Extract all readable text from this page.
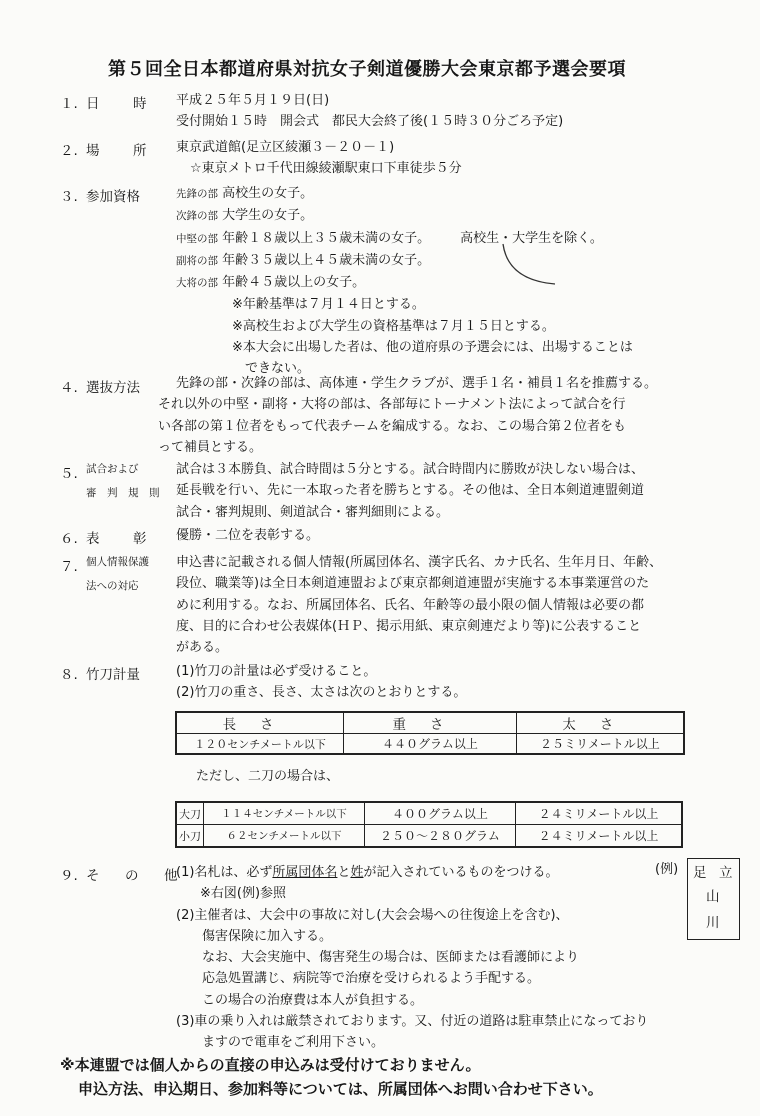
第５回全日本都道府県対抗女子剣道優勝大会東京都予選会要項
１. 日　時 平成２５年５月１９日(日)
受付開始１５時　開会式　都民大会終了後(１５時３０分ごろ予定)
２. 場　所 東京武道館(足立区綾瀬３－２０－１)
☆東京メトロ千代田線綾瀬駅東口下車徒歩５分
３. 参加資格	先鋒の部 高校生の女子。
次鋒の部 大学生の女子。
中堅の部 年齢１８歳以上３５歳未満の女子。 高校生・大学生を除く。
副将の部 年齢３５歳以上４５歳未満の女子。
大将の部 年齢４５歳以上の女子。
※年齢基準は７月１４日とする。
※高校生および大学生の資格基準は７月１５日とする。
※本大会に出場した者は、他の道府県の予選会には、出場することは
　できない。
４. 選抜方法	先鋒の部・次鋒の部は、高体連・学生クラブが、選手１名・補員１名を推薦する。
それ以外の中堅・副将・大将の部は、各部毎にトーナメント法によって試合を行
い各部の第１位者をもって代表チームを編成する。なお、この場合第２位者をも
って補員とする。
５. 試合および
審　判　規　則
試合は３本勝負、試合時間は５分とする。試合時間内に勝敗が決しない場合は、
延長戦を行い、先に一本取った者を勝ちとする。その他は、全日本剣道連盟剣道
試合・審判規則、剣道試合・審判細則による。
６. 表　彰 優勝・二位を表彰する。
７. 個人情報保護
法への対応
申込書に記載される個人情報(所属団体名、漢字氏名、カナ氏名、生年月日、年齢、
段位、職業等)は全日本剣道連盟および東京都剣道連盟が実施する本事業運営のた
めに利用する。なお、所属団体名、氏名、年齢等の最小限の個人情報は必要の都
度、目的に合わせ公表媒体(ＨＰ、掲示用紙、東京剣連だより等)に公表すること
がある。
８. 竹刀計量	(1)竹刀の計量は必ず受けること。
(2)竹刀の重さ、長さ、太さは次のとおりとする。
長さ	重さ	太さ
１２０センチメートル以下	４４０グラム以上	２５ミリメートル以上
ただし、二刀の場合は、
大刀	１１４センチメートル以下	４００グラム以上	２４ミリメートル以上
小刀	６２センチメートル以下	２５０～２８０グラム	２４ミリメートル以上
９. そ　の　他
(1)名札は、必ず所属団体名と姓が記入されているものをつける。
※右図(例)参照
(2)主催者は、大会中の事故に対し(大会会場への往復途上を含む)、
　　傷害保険に加入する。
　　なお、大会実施中、傷害発生の場合は、医師または看護師により
　　応急処置講じ、病院等で治療を受けられるよう手配する。
　　この場合の治療費は本人が負担する。
(3)車の乗り入れは厳禁されております。又、付近の道路は駐車禁止になっており
　　ますので電車をご利用下さい。
(例) 足 立
山
川
※本連盟では個人からの直接の申込みは受付けておりません。
申込方法、申込期日、参加料等については、所属団体へお問い合わせ下さい。
